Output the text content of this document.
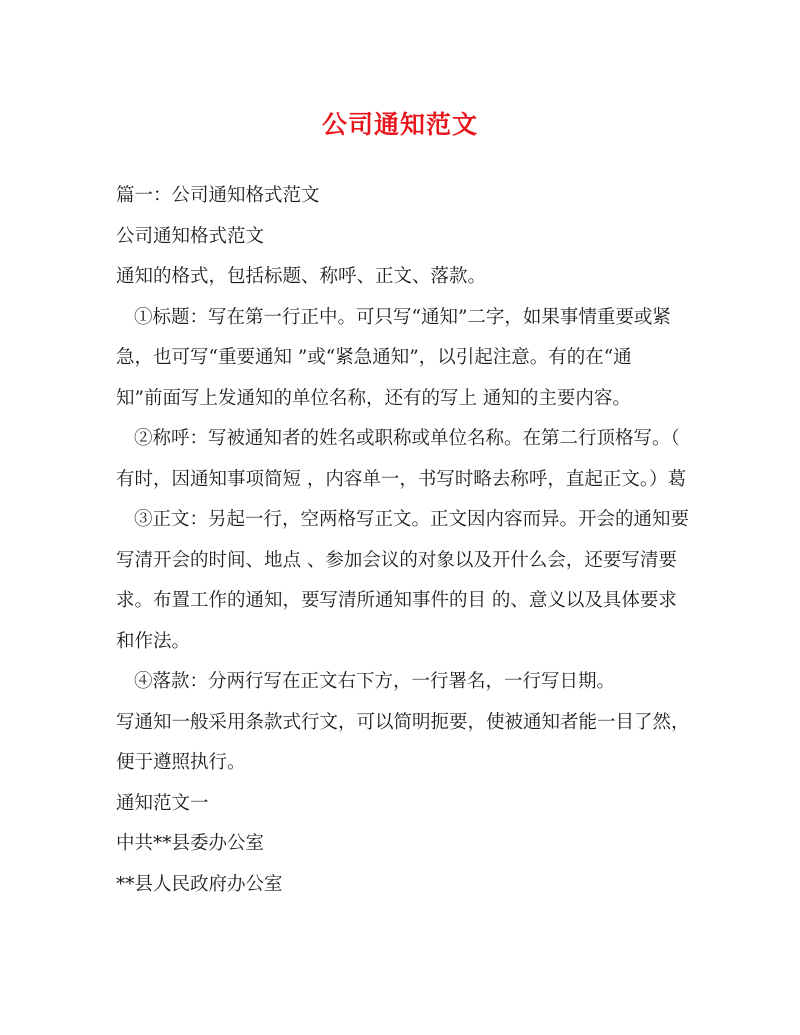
公司通知范文
篇一：公司通知格式范文
公司通知格式范文
通知的格式，包括标题、称呼、正文、落款。
①标题：写在第一行正中。可只写“通知”二字，如果事情重要或紧
急，也可写“重要通知 ”或“紧急通知”，以引起注意。有的在“通
知”前面写上发通知的单位名称，还有的写上 通知的主要内容。
②称呼：写被通知者的姓名或职称或单位名称。在第二行顶格写。（
有时，因通知事项简短 ，内容单一，书写时略去称呼，直起正文。）葛
③正文：另起一行，空两格写正文。正文因内容而异。开会的通知要
写清开会的时间、地点 、参加会议的对象以及开什么会，还要写清要
求。布置工作的通知，要写清所通知事件的目 的、意义以及具体要求
和作法。
④落款：分两行写在正文右下方，一行署名，一行写日期。
写通知一般采用条款式行文，可以简明扼要，使被通知者能一目了然，
便于遵照执行。
通知范文一
中共**县委办公室
**县人民政府办公室
